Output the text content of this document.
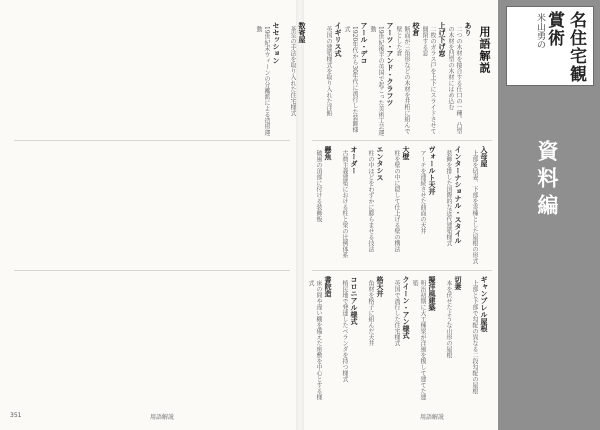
米山勇の	名住宅観賞術
資料編
用語解説
あり
二つの木材を接合する仕口の一種。凸型の木材を凹型の木材にはめ込む
上げ下げ窓
二枚のガラス戸を上下にスライドさせて開閉する窓
校倉
断面が三角形などの木材を井桁に組んで壁とした倉
アーツ・アンド・クラフツ
19世紀後半の英国で起こった美術工芸運動
アール・デコ
1920年代から30年代に流行した装飾様式
イギリス式
英国の建築様式を取り入れた洋館
入母屋
上部を切妻、下部を寄棟とした屋根の形式
インターナショナル・スタイル
装飾を排した国際的な近代建築様式
ヴォールト天井
アーチを連続させた曲面の天井
大壁
柱を壁の中に隠して仕上げる壁の構法
エンタシス
柱の中ほどをわずかに膨らませる技法
オーダー
古典主義建築における柱と梁の比例体系
懸魚
破風の頂部に付ける装飾板
ギャンブレル屋根
上部と下部で勾配の異なる二段勾配の屋根
切妻
本を伏せたような山形の屋根
擬洋風建築
明治初期に大工棟梁が洋風を模して建てた建築
クイーン・アン様式
英国で流行した住宅様式
格天井
角材を格子に組んだ天井
コロニアル様式
植民地で発達したベランダを持つ様式
書院造
床の間や違い棚を備えた座敷を中心とする様式
数寄屋
茶室の手法を取り入れた住宅様式
セセッション
19世紀末ウィーンの分離派による造形運動
351	用語解説	用語解説
